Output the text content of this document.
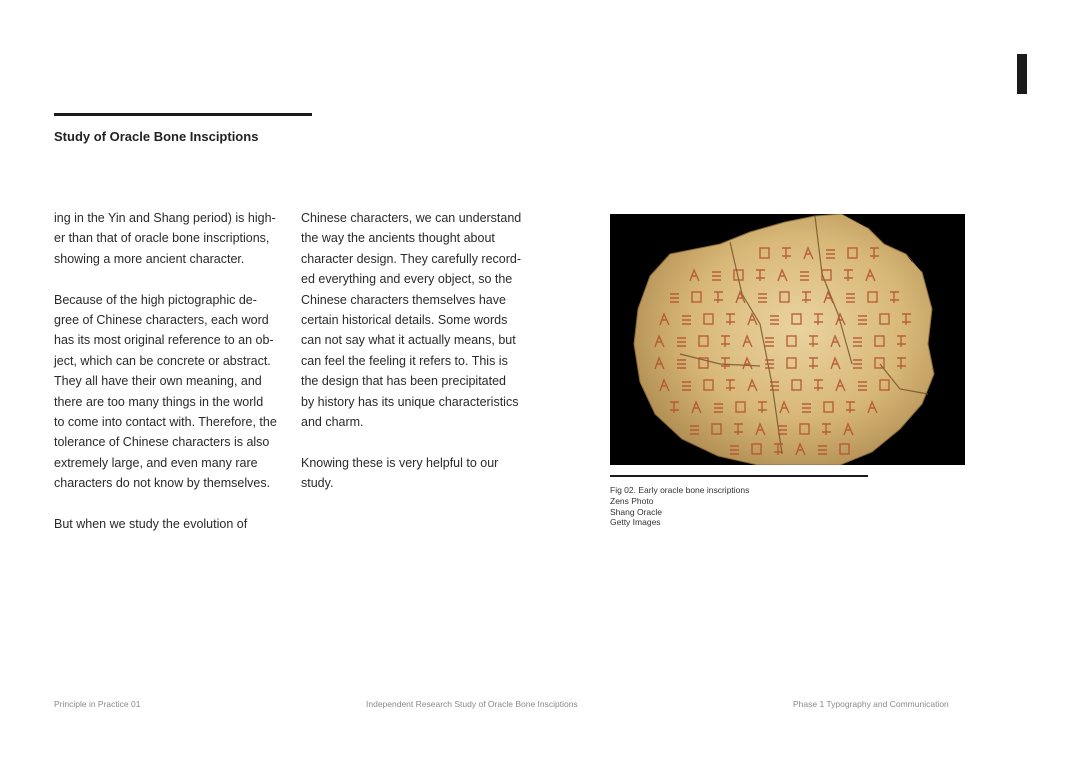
Study of Oracle Bone Insciptions

ing in the Yin and Shang period) is high-
er than that of oracle bone inscriptions,
showing a more ancient character.

Because of the high pictographic de-
gree of Chinese characters, each word
has its most original reference to an ob-
ject, which can be concrete or abstract.
They all have their own meaning, and
there are too many things in the world
to come into contact with. Therefore, the
tolerance of Chinese characters is also
extremely large, and even many rare
characters do not know by themselves.

But when we study the evolution of

Chinese characters, we can understand
the way the ancients thought about
character design. They carefully record-
ed everything and every object, so the
Chinese characters themselves have
certain historical details. Some words
can not say what it actually means, but
can feel the feeling it refers to. This is
the design that has been precipitated
by history has its unique characteristics
and charm.

Knowing these is very helpful to our
study.	Fig 02. Early oracle bone inscriptions
Zens Photo
Shang Oracle
Getty Images
Principle in Practice 01	Independent Research Study of Oracle Bone Insciptions	Phase 1 Typography and Communication
